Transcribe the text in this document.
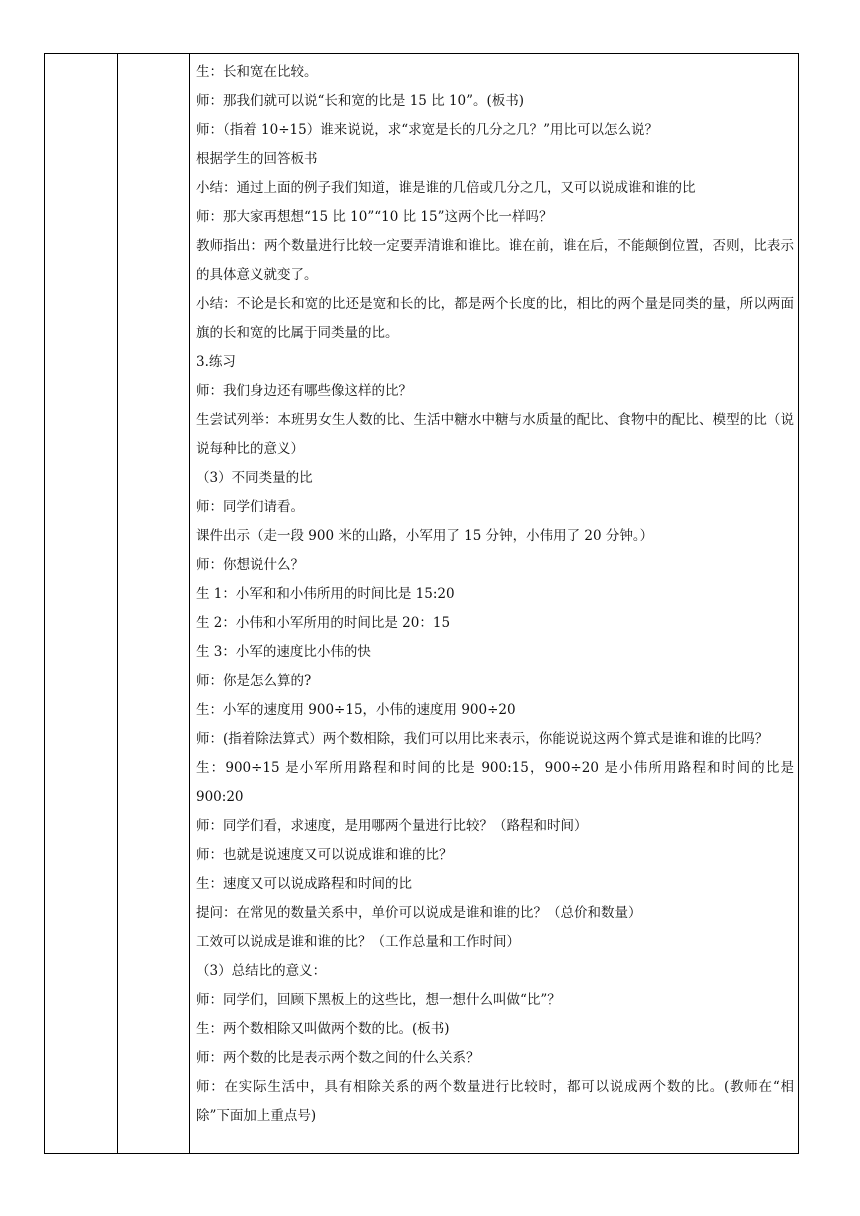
生：长和宽在比较。
师：那我们就可以说“长和宽的比是 15 比 10”。(板书)
师：（指着 10÷15）谁来说说，求“求宽是长的几分之几？”用比可以怎么说？
根据学生的回答板书
小结：通过上面的例子我们知道，谁是谁的几倍或几分之几，又可以说成谁和谁的比
师：那大家再想想“15 比 10”“10 比 15”这两个比一样吗？
教师指出：两个数量进行比较一定要弄清谁和谁比。谁在前，谁在后，不能颠倒位置，否则，比表示的具体意义就变了。
小结：不论是长和宽的比还是宽和长的比，都是两个长度的比，相比的两个量是同类的量，所以两面旗的长和宽的比属于同类量的比。
3.练习
师：我们身边还有哪些像这样的比？
生尝试列举：本班男女生人数的比、生活中糖水中糖与水质量的配比、食物中的配比、模型的比（说说每种比的意义）
（3）不同类量的比
师：同学们请看。
课件出示（走一段 900 米的山路，小军用了 15 分钟，小伟用了 20 分钟。）
师：你想说什么？
生 1：小军和和小伟所用的时间比是 15:20
生 2：小伟和小军所用的时间比是 20：15
生 3：小军的速度比小伟的快
师：你是怎么算的?
生：小军的速度用 900÷15，小伟的速度用 900÷20
师：(指着除法算式）两个数相除，我们可以用比来表示，你能说说这两个算式是谁和谁的比吗？
生：900÷15 是小军所用路程和时间的比是 900:15，900÷20 是小伟所用路程和时间的比是 900:20
师：同学们看，求速度，是用哪两个量进行比较？（路程和时间）
师：也就是说速度又可以说成谁和谁的比？
生：速度又可以说成路程和时间的比
提问：在常见的数量关系中，单价可以说成是谁和谁的比？（总价和数量）
工效可以说成是谁和谁的比？（工作总量和工作时间）
（3）总结比的意义：
师：同学们，回顾下黑板上的这些比，想一想什么叫做“比”？
生：两个数相除又叫做两个数的比。(板书)
师：两个数的比是表示两个数之间的什么关系？
师：在实际生活中，具有相除关系的两个数量进行比较时，都可以说成两个数的比。(教师在“相除”下面加上重点号)
